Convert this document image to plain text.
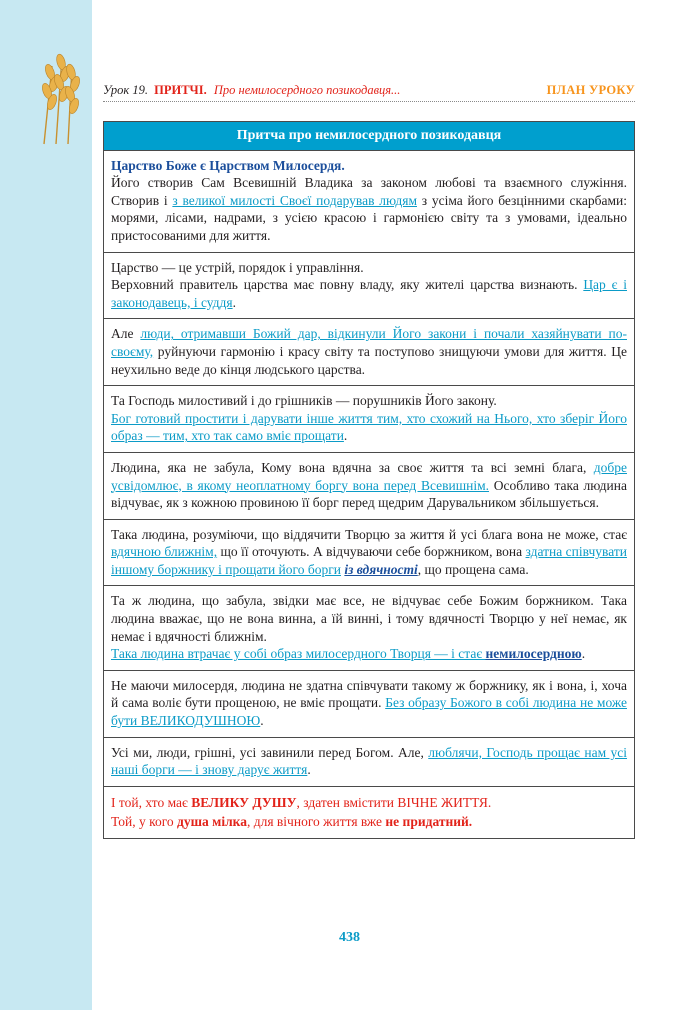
Урок 19. ПРИТЧІ. Про немилосердного позикодавця...	ПЛАН УРОКУ
Притча про немилосердного позикодавця
Царство Боже є Царством Милосердя.
Його створив Сам Всевишній Владика за законом любові та взаємного служіння. Створив і з великої милості Своєї подарував людям з усіма його безцінними скарбами: морями, лісами, надрами, з усією красою і гармонією світу та з умовами, ідеально пристосованими для життя.
Царство — це устрій, порядок і управління.
Верховний правитель царства має повну владу, яку жителі царства визнають. Цар є і законодавець, і суддя.
Але люди, отримавши Божий дар, відкинули Його закони і почали хазяйнувати по-своєму, руйнуючи гармонію і красу світу та поступово знищуючи умови для життя. Це неухильно веде до кінця людського царства.
Та Господь милостивий і до грішників — порушників Його закону.
Бог готовий простити і дарувати інше життя тим, хто схожий на Нього, хто зберіг Його образ — тим, хто так само вміє прощати.
Людина, яка не забула, Кому вона вдячна за своє життя та всі земні блага, добре усвідомлює, в якому неоплатному боргу вона перед Всевишнім. Особливо така людина відчуває, як з кожною провиною її борг перед щедрим Дарувальником збільшується.
Така людина, розуміючи, що віддячити Творцю за життя й усі блага вона не може, стає вдячною ближнім, що її оточують. А відчуваючи себе боржником, вона здатна співчувати іншому боржнику і прощати його борги із вдячності, що прощена сама.
Та ж людина, що забула, звідки має все, не відчуває себе Божим боржником. Така людина вважає, що не вона винна, а їй винні, і тому вдячності Творцю у неї немає, як немає і вдячності ближнім.
Така людина втрачає у собі образ милосердного Творця — і стає немилосердною.
Не маючи милосердя, людина не здатна співчувати такому ж боржнику, як і вона, і, хоча й сама воліє бути прощеною, не вміє прощати. Без образу Божого в собі людина не може бути ВЕЛИКОДУШНОЮ.
Усі ми, люди, грішні, усі завинили перед Богом. Але, люблячи, Господь прощає нам усі наші борги — і знову дарує життя.
І той, хто має ВЕЛИКУ ДУШУ, здатен вмістити ВІЧНЕ ЖИТТЯ.
Той, у кого душа мілка, для вічного життя вже не придатний.
438
